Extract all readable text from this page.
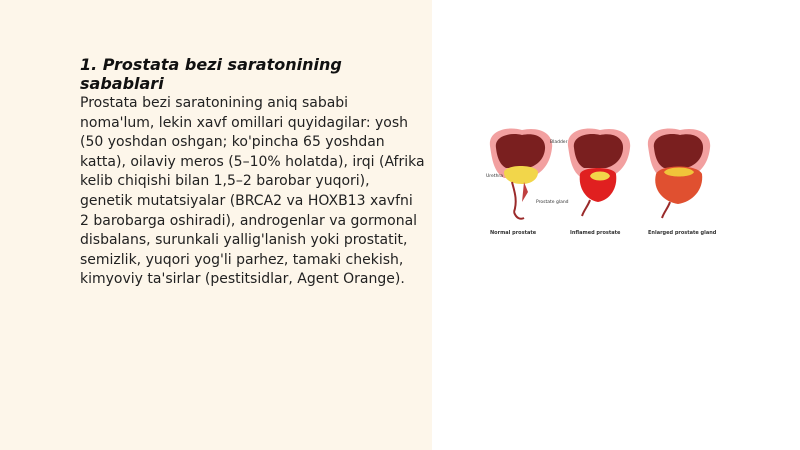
1. Prostata bezi saratonining sabablari

Prostata bezi saratonining aniq sababi noma'lum, lekin xavf omillari quyidagilar: yosh (50 yoshdan oshgan; ko'pincha 65 yoshdan katta), oilaviy meros (5–10% holatda), irqi (Afrika kelib chiqishi bilan 1,5–2 barobar yuqori), genetik mutatsiyalar (BRCA2 va HOXB13 xavfni 2 barobarga oshiradi), androgenlar va gormonal disbalans, surunkali yallig'lanish yoki prostatit, semizlik, yuqori yog'li parhez, tamaki chekish, kimyoviy ta'sirlar (pestitsidlar, Agent Orange).

Bladder
Urethra
Prostate gland
Normal prostate	Inflamed prostate	Enlarged prostate gland
